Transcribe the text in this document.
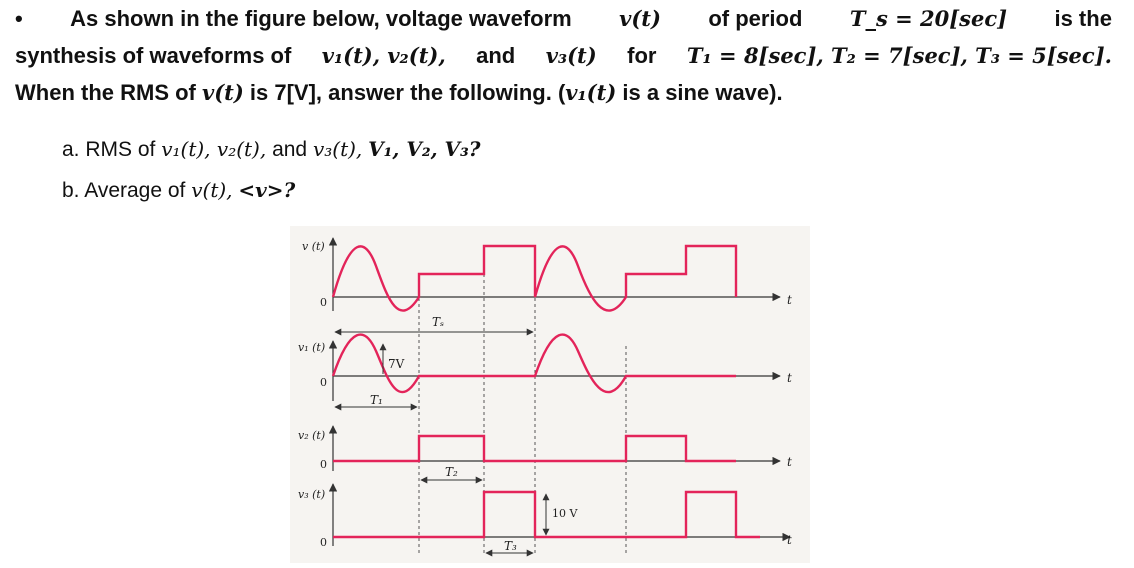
• As shown in the figure below, voltage waveform v(t) of period T_s = 20[sec] is the
synthesis of waveforms of v₁(t), v₂(t), and v₃(t) for T₁ = 8[sec], T₂ = 7[sec], T₃ = 5[sec].
When the RMS of v(t) is 7[V], answer the following. (v₁(t) is a sine wave).
a. RMS of v₁(t), v₂(t), and v₃(t), V₁, V₂, V₃?
b. Average of v(t), <v>?
v (t)
0	t
Tₛ
v₁ (t)
0	t
7V
T₁
v₂ (t)
0	t
T₂
v₃ (t)
0	t
10 V
T₃
